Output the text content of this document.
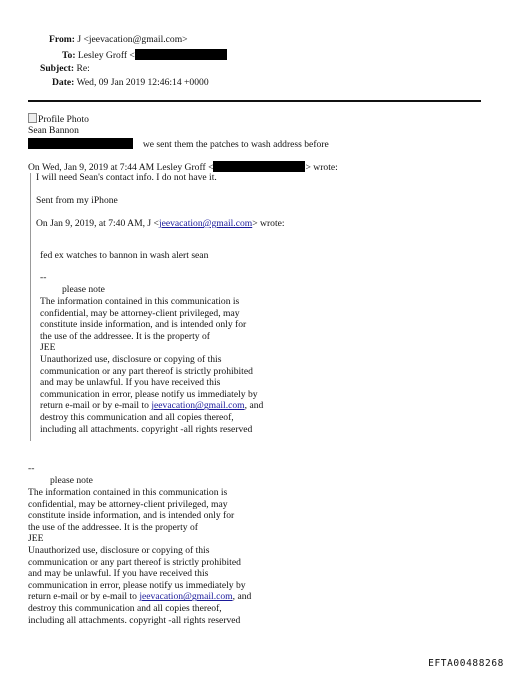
From: J <jeevacation@gmail.com>
To: Lesley Groff <
Subject: Re:
Date: Wed, 09 Jan 2019 12:46:14 +0000
Profile Photo
Sean Bannon
we sent them the patches to wash address before
On Wed, Jan 9, 2019 at 7:44 AM Lesley Groff <	> wrote:
I will need Sean's contact info. I do not have it.
Sent from my iPhone
On Jan 9, 2019, at 7:40 AM, J <jeevacation@gmail.com> wrote:
fed ex watches to bannon in wash alert sean
--
please note
The information contained in this communication is
confidential, may be attorney-client privileged, may
constitute inside information, and is intended only for
the use of the addressee. It is the property of
JEE
Unauthorized use, disclosure or copying of this
communication or any part thereof is strictly prohibited
and may be unlawful. If you have received this
communication in error, please notify us immediately by
return e-mail or by e-mail to jeevacation@gmail.com, and
destroy this communication and all copies thereof,
including all attachments. copyright -all rights reserved
--
please note
The information contained in this communication is
confidential, may be attorney-client privileged, may
constitute inside information, and is intended only for
the use of the addressee. It is the property of
JEE
Unauthorized use, disclosure or copying of this
communication or any part thereof is strictly prohibited
and may be unlawful. If you have received this
communication in error, please notify us immediately by
return e-mail or by e-mail to jeevacation@gmail.com, and
destroy this communication and all copies thereof,
including all attachments. copyright -all rights reserved
EFTA00488268
